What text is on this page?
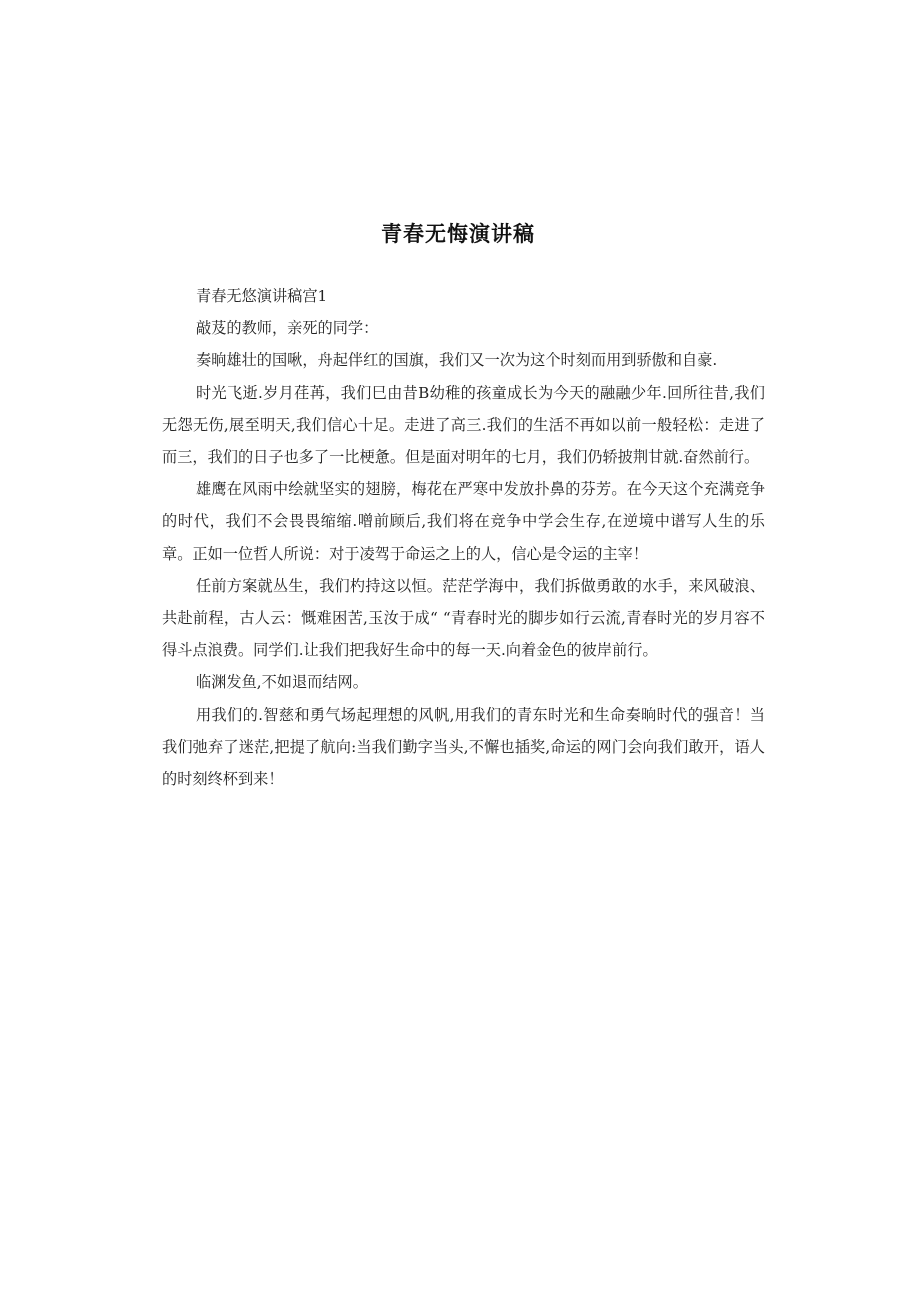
青春无悔演讲稿

青春无悠演讲稿宫1

敲芨的教师，亲死的同学：

奏晌雄壮的国啾，舟起伴红的国旗，我们又一次为这个时刻而用到骄傲和自豪.

时光飞逝.岁月荏苒，我们巳由昔B幼稚的孩童成长为今天的融融少年.回所往昔,我们无怨无伤,展至明天,我们信心十足。走进了高三.我们的生活不再如以前一般轻松：走进了而三，我们的日子也多了一比梗惫。但是面对明年的七月，我们仍轿披荆甘就.奋然前行。

雄鹰在风雨中绘就坚实的翅膀，梅花在严寒中发放扑鼻的芬芳。在今天这个充满竞争的时代，我们不会畏畏缩缩.噌前顾后,我们将在竞争中学会生存,在逆境中谱写人生的乐章。正如一位哲人所说：对于凌驾于命运之上的人，信心是令运的主宰！

任前方案就丛生，我们杓持这以恒。茫茫学海中，我们拆做勇敢的水手，来风破浪、共赴前程，古人云：慨难困苦,玉汝于成“ “青春时光的脚步如行云流,青春时光的岁月容不得斗点浪费。同学们.让我们把我好生命中的每一天.向着金色的彼岸前行。

临渊发鱼,不如退而结网。

用我们的.智慈和勇气场起理想的风帆,用我们的青东时光和生命奏晌时代的强音！当我们弛弃了迷茫,把提了航向:当我们勤字当头,不懈也插奖,命运的网门会向我们敢开，语人的时刻终杯到来！
